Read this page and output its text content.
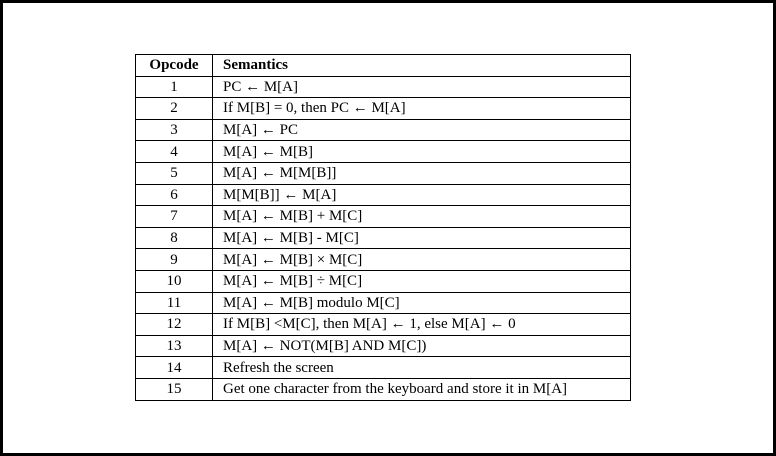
Opcode	Semantics
1	PC ← M[A]
2	If M[B] = 0, then PC ← M[A]
3	M[A] ← PC
4	M[A] ← M[B]
5	M[A] ← M[M[B]]
6	M[M[B]] ← M[A]
7	M[A] ← M[B] + M[C]
8	M[A] ← M[B] - M[C]
9	M[A] ← M[B] × M[C]
10	M[A] ← M[B] ÷ M[C]
11	M[A] ← M[B] modulo M[C]
12	If M[B] <M[C], then M[A] ← 1, else M[A] ← 0
13	M[A] ← NOT(M[B] AND M[C])
14	Refresh the screen
15	Get one character from the keyboard and store it in M[A]
